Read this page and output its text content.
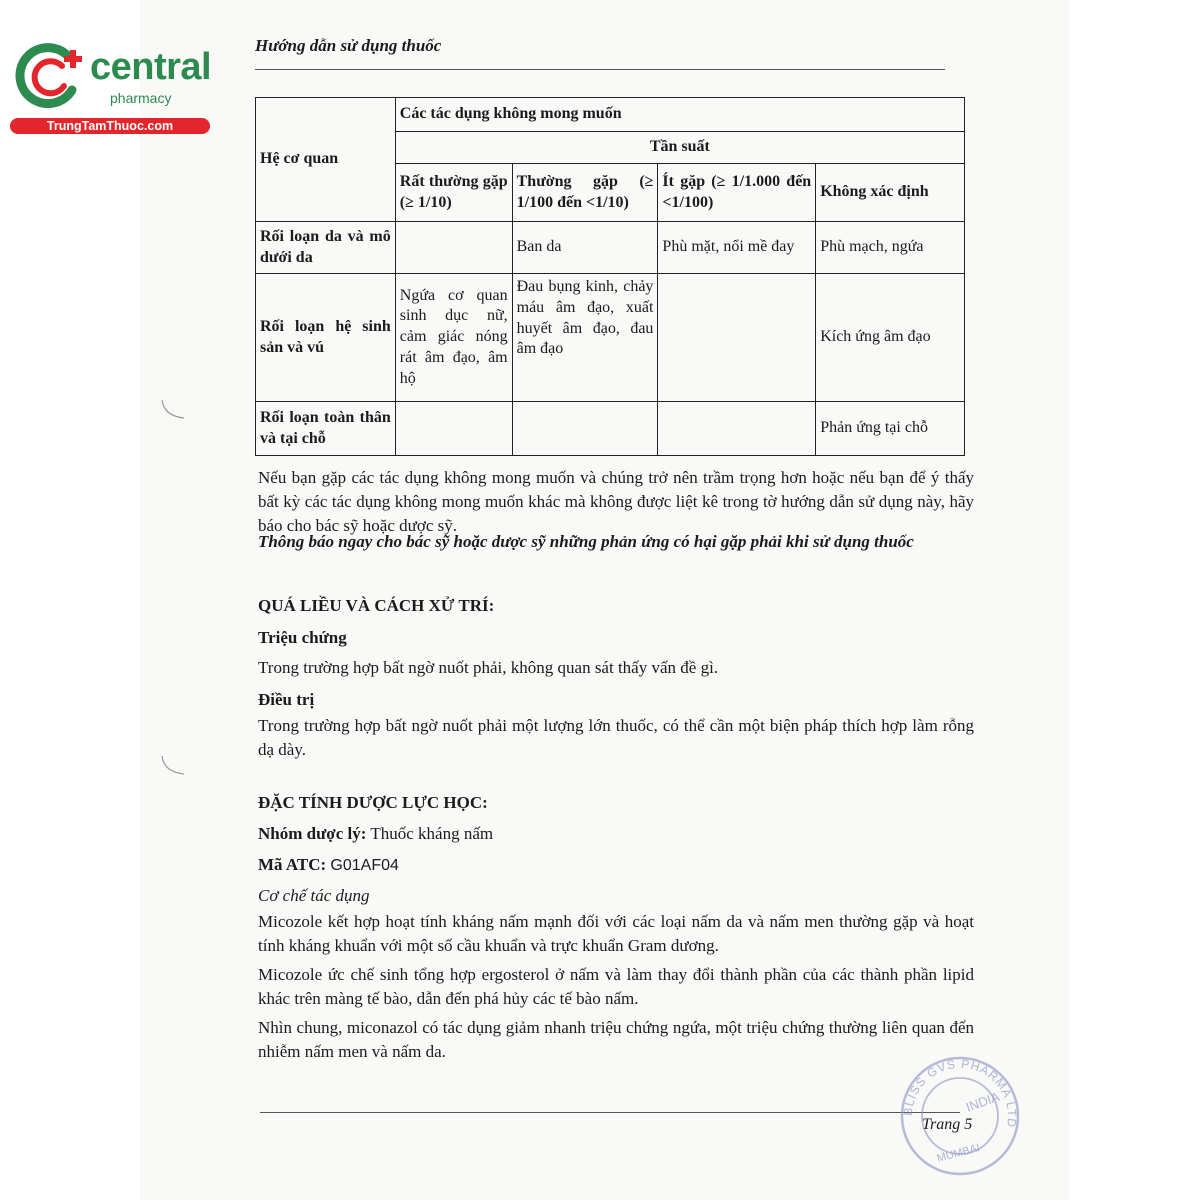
central
pharmacy
TrungTamThuoc.com
Hướng dẫn sử dụng thuốc
Hệ cơ quan	Các tác dụng không mong muốn			
	Tần suất			
	Rất thường gặp (≥ 1/10)	Thường gặp (≥ 1/100 đến <1/10)	Ít gặp (≥ 1/1.000 đến <1/100)	Không xác định
Rối loạn da và mô dưới da		Ban da	Phù mặt, nổi mề đay	Phù mạch, ngứa
Rối loạn hệ sinh sản và vú	Ngứa cơ quan sinh dục nữ, cảm giác nóng rát âm đạo, âm hộ	Đau bụng kinh, chảy máu âm đạo, xuất huyết âm đạo, đau âm đạo		Kích ứng âm đạo
Rối loạn toàn thân và tại chỗ				Phản ứng tại chỗ

Nếu bạn gặp các tác dụng không mong muốn và chúng trở nên trầm trọng hơn hoặc nếu bạn để ý thấy bất kỳ các tác dụng không mong muốn khác mà không được liệt kê trong tờ hướng dẫn sử dụng này, hãy báo cho bác sỹ hoặc dược sỹ.

Thông báo ngay cho bác sỹ hoặc dược sỹ những phản ứng có hại gặp phải khi sử dụng thuốc

QUÁ LIỀU VÀ CÁCH XỬ TRÍ:

Triệu chứng

Trong trường hợp bất ngờ nuốt phải, không quan sát thấy vấn đề gì.

Điều trị

Trong trường hợp bất ngờ nuốt phải một lượng lớn thuốc, có thể cần một biện pháp thích hợp làm rỗng dạ dày.

ĐẶC TÍNH DƯỢC LỰC HỌC:

Nhóm dược lý: Thuốc kháng nấm

Mã ATC: G01AF04

Cơ chế tác dụng

Micozole kết hợp hoạt tính kháng nấm mạnh đối với các loại nấm da và nấm men thường gặp và hoạt tính kháng khuẩn với một số cầu khuẩn và trực khuẩn Gram dương.

Micozole ức chế sinh tổng hợp ergosterol ở nấm và làm thay đổi thành phần của các thành phần lipid khác trên màng tế bào, dẫn đến phá hủy các tế bào nấm.

Nhìn chung, miconazol có tác dụng giảm nhanh triệu chứng ngứa, một triệu chứng thường liên quan đến nhiễm nấm men và nấm da.

BLISS GVS PHARMA LTD
INDIA
MUMBAI
Trang 5
